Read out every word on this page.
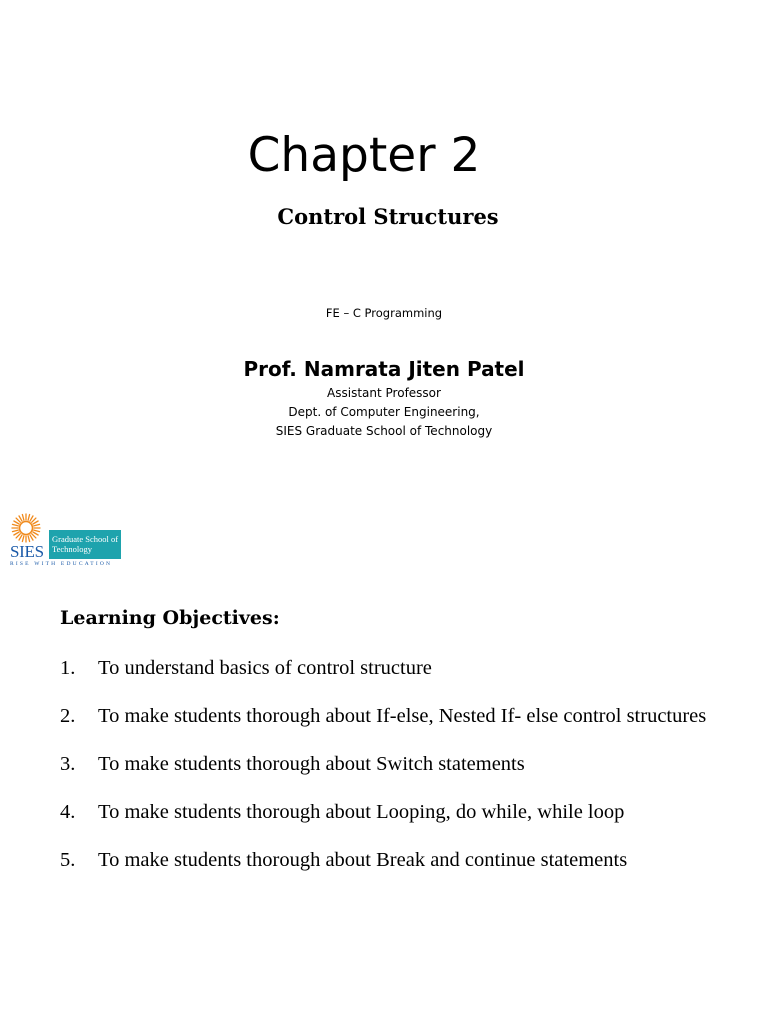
Chapter 2
Control Structures
FE – C Programming

Prof. Namrata Jiten Patel

Assistant Professor
Dept. of Computer Engineering,
SIES Graduate School of Technology
SIES
Graduate School of Technology
RISE WITH EDUCATION
Learning Objectives:
1.	To understand basics of control structure
2.	To make students thorough about If-else, Nested If- else control structures
3.	To make students thorough about Switch statements
4.	To make students thorough about Looping, do while, while loop
5.	To make students thorough about Break and continue statements
